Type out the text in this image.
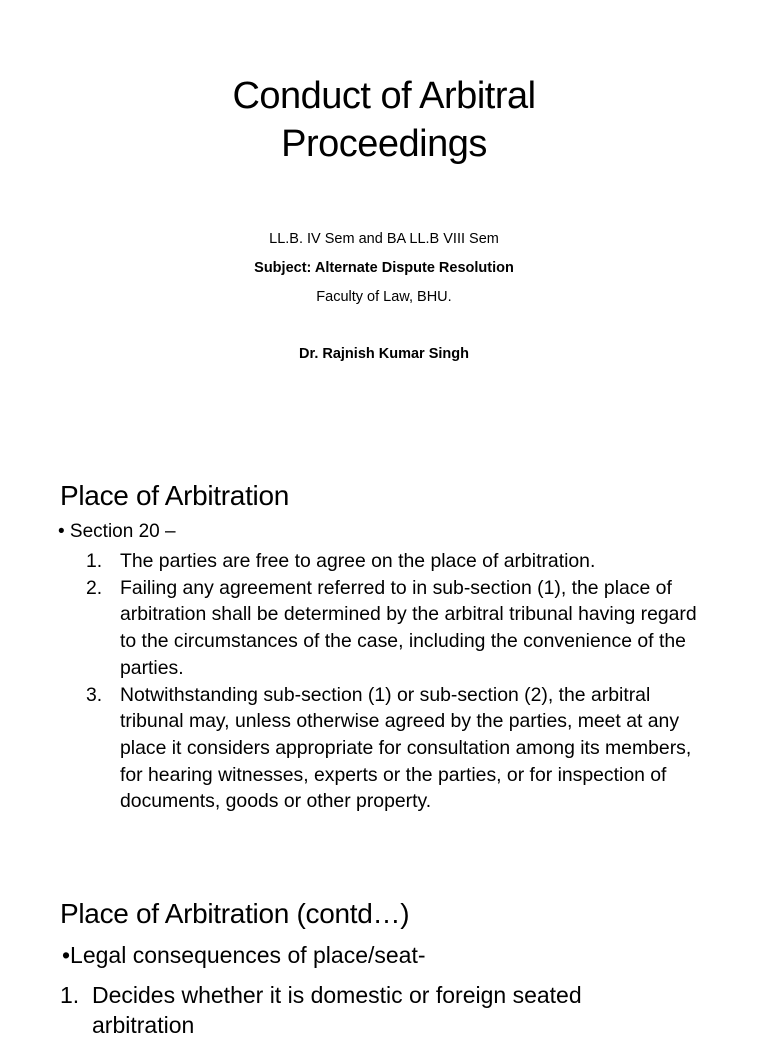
Conduct of Arbitral
Proceedings
LL.B. IV Sem and BA LL.B VIII Sem
Subject: Alternate Dispute Resolution
Faculty of Law, BHU.
Dr. Rajnish Kumar Singh
Place of Arbitration
• Section 20 –
1. The parties are free to agree on the place of arbitration.
2. Failing any agreement referred to in sub-section (1), the place of arbitration shall be determined by the arbitral tribunal having regard to the circumstances of the case, including the convenience of the parties.
3. Notwithstanding sub-section (1) or sub-section (2), the arbitral tribunal may, unless otherwise agreed by the parties, meet at any place it considers appropriate for consultation among its members, for hearing witnesses, experts or the parties, or for inspection of documents, goods or other property.
Place of Arbitration (contd…)
•Legal consequences of place/seat-
1. Decides whether it is domestic or foreign seated
arbitration
